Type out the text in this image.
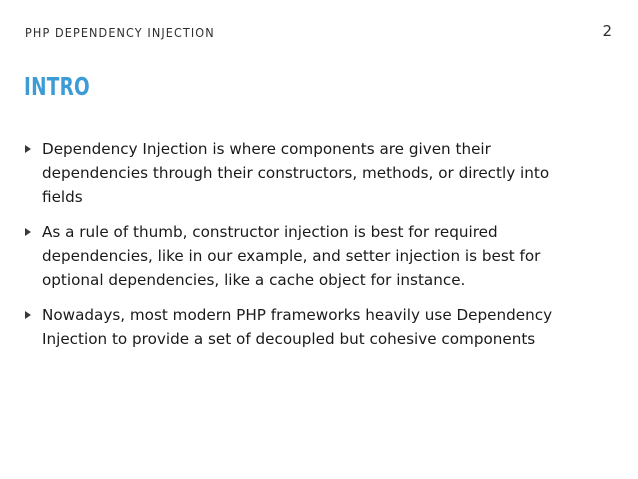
PHP DEPENDENCY INJECTION	2
INTRO
Dependency Injection is where components are given their dependencies through their constructors, methods, or directly into fields
As a rule of thumb, constructor injection is best for required dependencies, like in our example, and setter injection is best for optional dependencies, like a cache object for instance.
Nowadays, most modern PHP frameworks heavily use Dependency Injection to provide a set of decoupled but cohesive components
